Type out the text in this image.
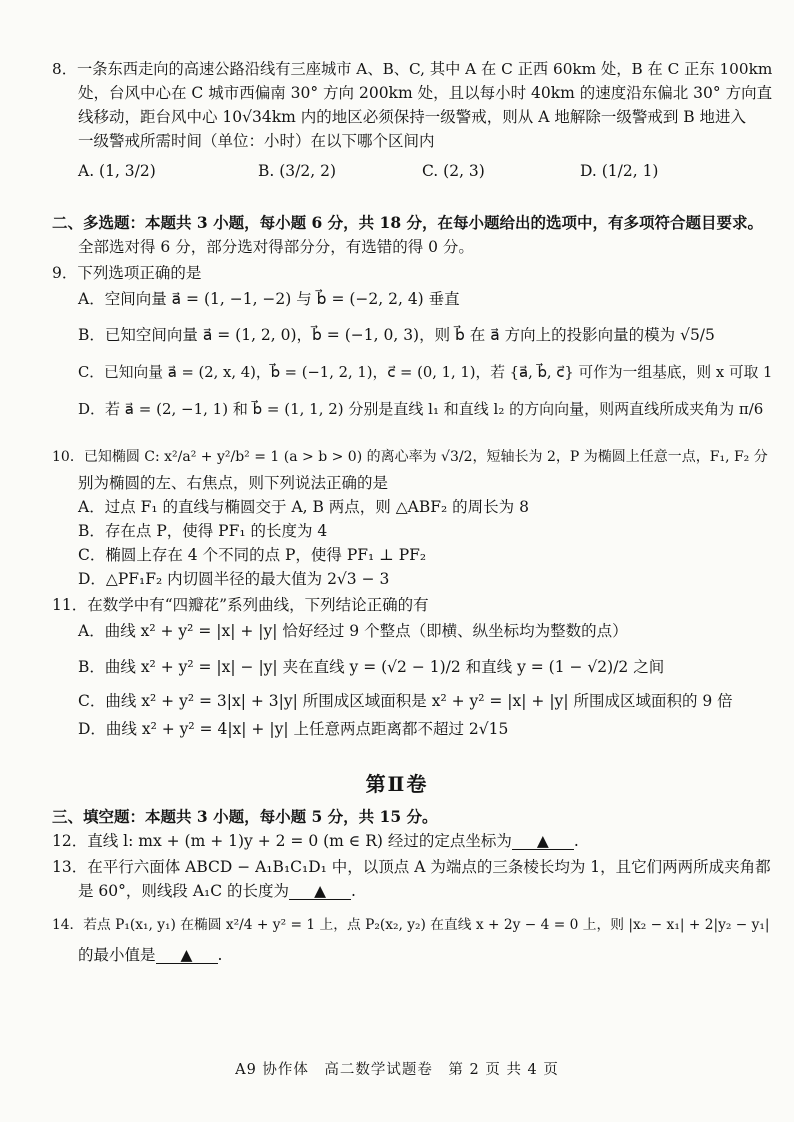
8．一条东西走向的高速公路沿线有三座城市 A、B、C, 其中 A 在 C 正西 60km 处，B 在 C 正东 100km
处，台风中心在 C 城市西偏南 30° 方向 200km 处，且以每小时 40km 的速度沿东偏北 30° 方向直
线移动，距台风中心 10√34km 内的地区必须保持一级警戒，则从 A 地解除一级警戒到 B 地进入
一级警戒所需时间（单位：小时）在以下哪个区间内
A. (1, 3/2)	B. (3/2, 2)	C. (2, 3)	D. (1/2, 1)
二、多选题：本题共 3 小题，每小题 6 分，共 18 分，在每小题给出的选项中，有多项符合题目要求。
全部选对得 6 分，部分选对得部分分，有选错的得 0 分。
9．下列选项正确的是
A．空间向量 a⃗ = (1, −1, −2) 与 b⃗ = (−2, 2, 4) 垂直
B．已知空间向量 a⃗ = (1, 2, 0)，b⃗ = (−1, 0, 3)，则 b⃗ 在 a⃗ 方向上的投影向量的模为 √5/5
C．已知向量 a⃗ = (2, x, 4)，b⃗ = (−1, 2, 1)，c⃗ = (0, 1, 1)，若 {a⃗, b⃗, c⃗} 可作为一组基底，则 x 可取 1
D．若 a⃗ = (2, −1, 1) 和 b⃗ = (1, 1, 2) 分别是直线 l₁ 和直线 l₂ 的方向向量，则两直线所成夹角为 π/6
10．已知椭圆 C: x²/a² + y²/b² = 1 (a > b > 0) 的离心率为 √3/2，短轴长为 2，P 为椭圆上任意一点，F₁, F₂ 分
别为椭圆的左、右焦点，则下列说法正确的是
A．过点 F₁ 的直线与椭圆交于 A, B 两点，则 △ABF₂ 的周长为 8
B．存在点 P，使得 PF₁ 的长度为 4
C．椭圆上存在 4 个不同的点 P，使得 PF₁ ⊥ PF₂
D．△PF₁F₂ 内切圆半径的最大值为 2√3 − 3
11．在数学中有“四瓣花”系列曲线，下列结论正确的有
A．曲线 x² + y² = |x| + |y| 恰好经过 9 个整点（即横、纵坐标均为整数的点）
B．曲线 x² + y² = |x| − |y| 夹在直线 y = (√2 − 1)/2 和直线 y = (1 − √2)/2 之间
C．曲线 x² + y² = 3|x| + 3|y| 所围成区域面积是 x² + y² = |x| + |y| 所围成区域面积的 9 倍
D．曲线 x² + y² = 4|x| + |y| 上任意两点距离都不超过 2√15
第Ⅱ卷
三、填空题：本题共 3 小题，每小题 5 分，共 15 分。
12．直线 l: mx + (m + 1)y + 2 = 0 (m ∈ R) 经过的定点坐标为 ▲ .
13．在平行六面体 ABCD − A₁B₁C₁D₁ 中，以顶点 A 为端点的三条棱长均为 1，且它们两两所成夹角都
是 60°，则线段 A₁C 的长度为 ▲ .
14．若点 P₁(x₁, y₁) 在椭圆 x²/4 + y² = 1 上，点 P₂(x₂, y₂) 在直线 x + 2y − 4 = 0 上，则 |x₂ − x₁| + 2|y₂ − y₁|
的最小值是 ▲ .
A9 协作体　高二数学试题卷　第 2 页 共 4 页
